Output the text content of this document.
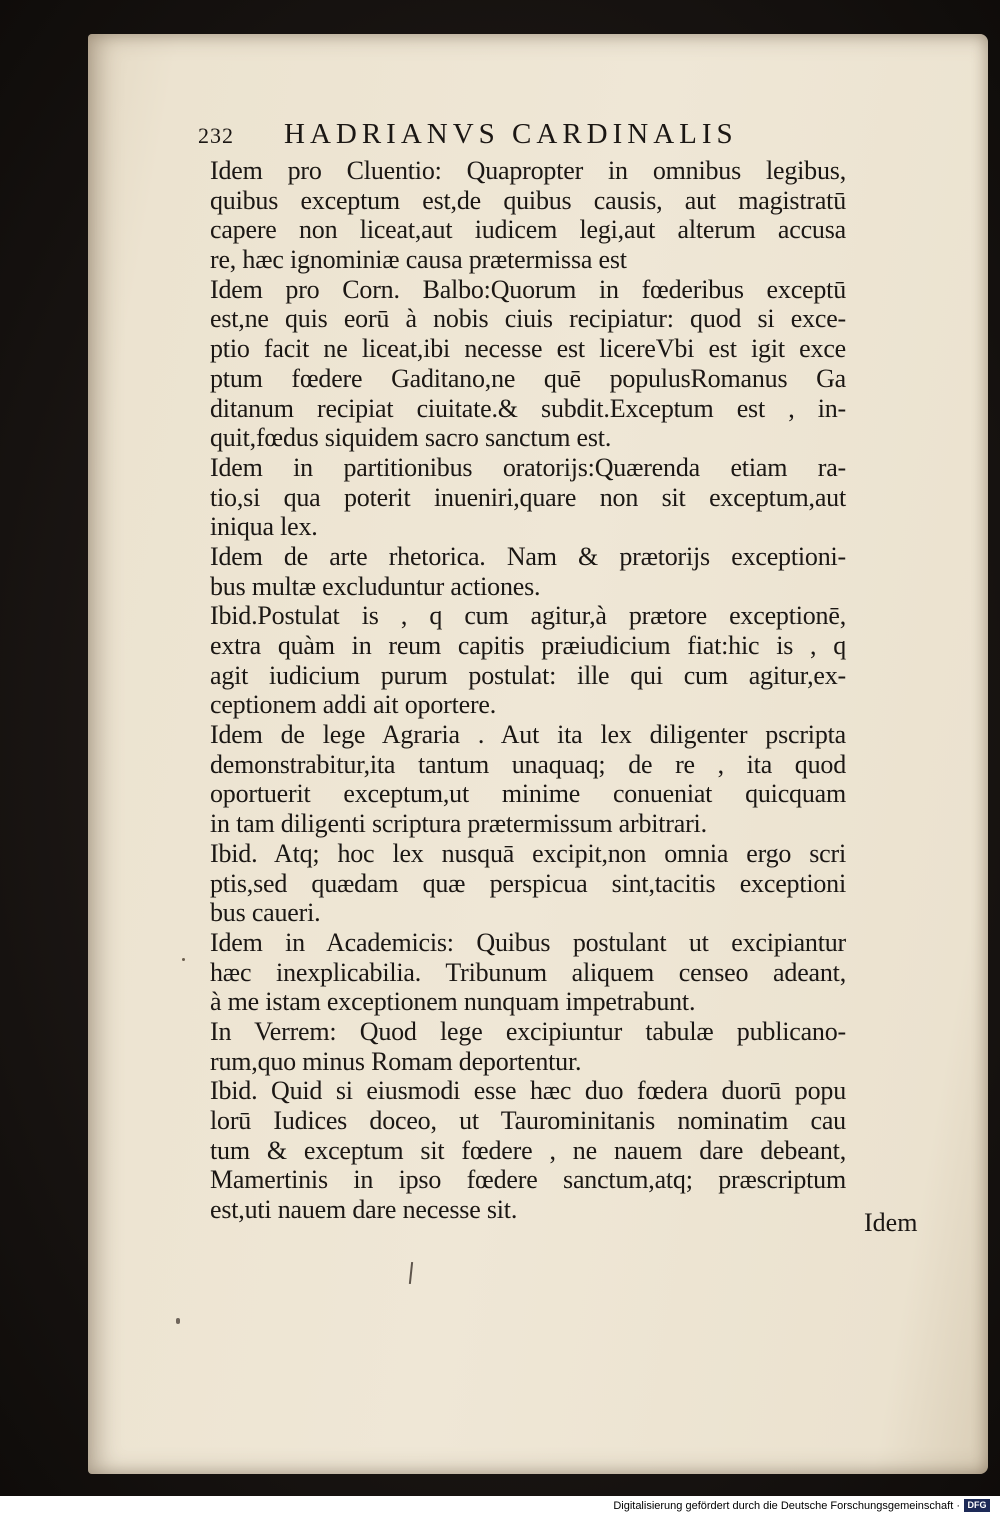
232 HADRIANVS CARDINALIS
Idem pro Cluentio: Quapropter in omnibus legibus,
quibus exceptum est,de quibus causis, aut magistratū
capere non liceat,aut iudicem legi,aut alterum accusa
re, hæc ignominiæ causa prætermissa est
Idem pro Corn. Balbo:Quorum in fœderibus exceptū
est,ne quis eorū à nobis ciuis recipiatur: quod si exce-
ptio facit ne liceat,ibi necesse est licereVbi est igit exce
ptum fœdere Gaditano,ne quē populusRomanus Ga
ditanum recipiat ciuitate.& subdit.Exceptum est , in-
quit,fœdus siquidem sacro sanctum est.
Idem in partitionibus oratorijs:Quærenda etiam ra-
tio,si qua poterit inueniri,quare non sit exceptum,aut
iniqua lex.
Idem de arte rhetorica. Nam & prætorijs exceptioni-
bus multæ excluduntur actiones.
Ibid.Postulat is , q cum agitur,à prætore exceptionē,
extra quàm in reum capitis præiudicium fiat:hic is , q
agit iudicium purum postulat: ille qui cum agitur,ex-
ceptionem addi ait oportere.
Idem de lege Agraria . Aut ita lex diligenter pscripta
demonstrabitur,ita tantum unaquaq; de re , ita quod
oportuerit exceptum,ut minime conueniat quicquam
in tam diligenti scriptura prætermissum arbitrari.
Ibid. Atq; hoc lex nusquā excipit,non omnia ergo scri
ptis,sed quædam quæ perspicua sint,tacitis exceptioni
bus caueri.
Idem in Academicis: Quibus postulant ut excipiantur
hæc inexplicabilia. Tribunum aliquem censeo adeant,
à me istam exceptionem nunquam impetrabunt.
In Verrem: Quod lege excipiuntur tabulæ publicano-
rum,quo minus Romam deportentur.
Ibid. Quid si eiusmodi esse hæc duo fœdera duorū popu
lorū Iudices doceo, ut Taurominitanis nominatim cau
tum & exceptum sit fœdere , ne nauem dare debeant,
Mamertinis in ipso fœdere sanctum,atq; præscriptum
est,uti nauem dare necesse sit.	Idem
Digitalisierung gefördert durch die Deutsche Forschungsgemeinschaft · DFG
